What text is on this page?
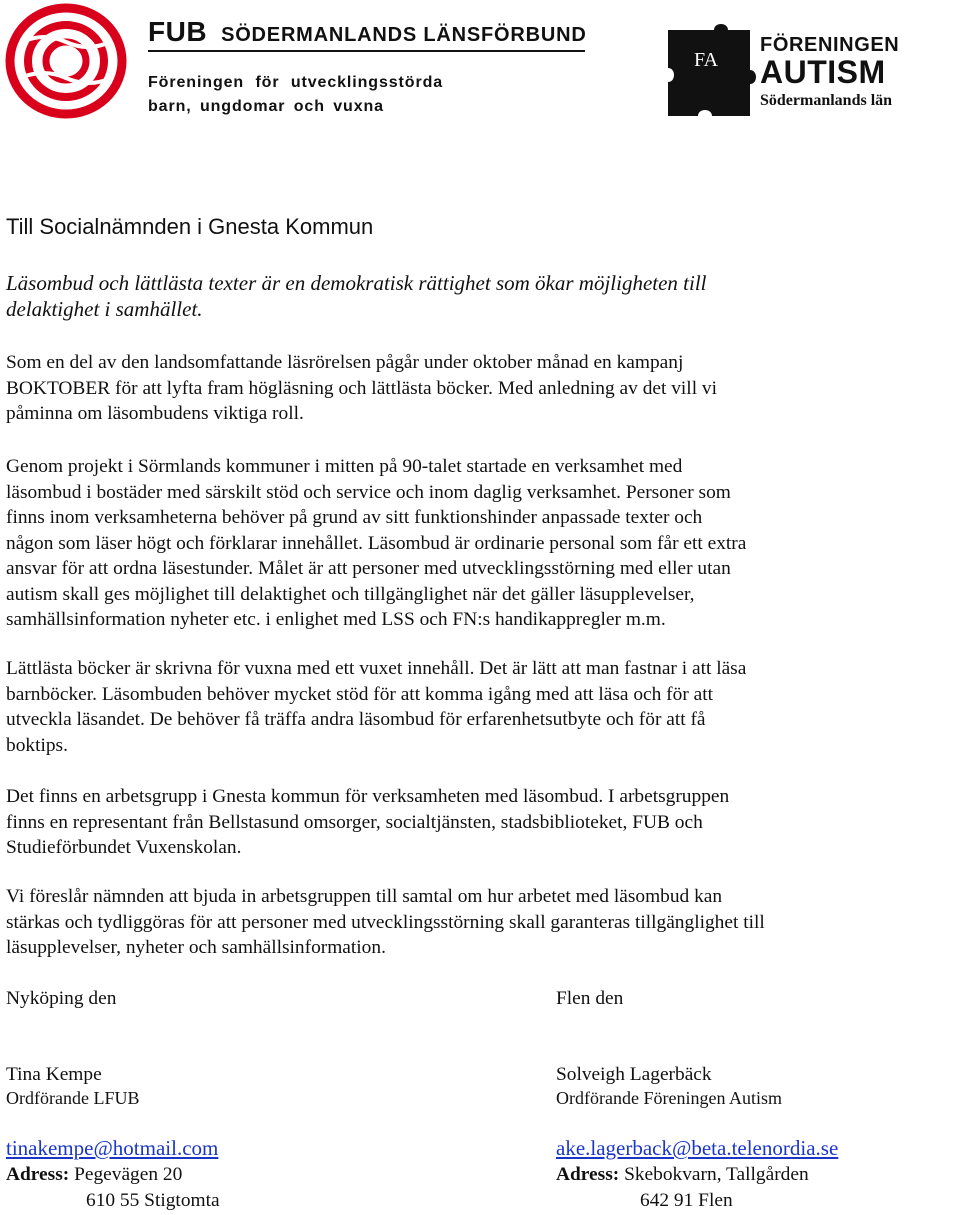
FUB SÖDERMANLANDS LÄNSFÖRBUND
Föreningen för utvecklingsstörda
barn, ungdomar och vuxna
FA
FÖRENINGEN
AUTISM
Södermanlands län
Till Socialnämnden i Gnesta Kommun
Läsombud och lättlästa texter är en demokratisk rättighet som ökar möjligheten till
delaktighet i samhället.
Som en del av den landsomfattande läsrörelsen pågår under oktober månad en kampanj
BOKTOBER för att lyfta fram högläsning och lättlästa böcker. Med anledning av det vill vi
påminna om läsombudens viktiga roll.
Genom projekt i Sörmlands kommuner i mitten på 90-talet startade en verksamhet med
läsombud i bostäder med särskilt stöd och service och inom daglig verksamhet. Personer som
finns inom verksamheterna behöver på grund av sitt funktionshinder anpassade texter och
någon som läser högt och förklarar innehållet. Läsombud är ordinarie personal som får ett extra
ansvar för att ordna läsestunder. Målet är att personer med utvecklingsstörning med eller utan
autism skall ges möjlighet till delaktighet och tillgänglighet när det gäller läsupplevelser,
samhällsinformation nyheter etc. i enlighet med LSS och FN:s handikappregler m.m.
Lättlästa böcker är skrivna för vuxna med ett vuxet innehåll. Det är lätt att man fastnar i att läsa
barnböcker. Läsombuden behöver mycket stöd för att komma igång med att läsa och för att
utveckla läsandet. De behöver få träffa andra läsombud för erfarenhetsutbyte och för att få
boktips.
Det finns en arbetsgrupp i Gnesta kommun för verksamheten med läsombud. I arbetsgruppen
finns en representant från Bellstasund omsorger, socialtjänsten, stadsbiblioteket, FUB och
Studieförbundet Vuxenskolan.
Vi föreslår nämnden att bjuda in arbetsgruppen till samtal om hur arbetet med läsombud kan
stärkas och tydliggöras för att personer med utvecklingsstörning skall garanteras tillgänglighet till
läsupplevelser, nyheter och samhällsinformation.
Nyköping den	Flen den
Tina Kempe	Solveigh Lagerbäck
Ordförande LFUB	Ordförande Föreningen Autism
tinakempe@hotmail.com	ake.lagerback@beta.telenordia.se
Adress: Pegevägen 20	Adress: Skebokvarn, Tallgården
610 55 Stigtomta	642 91 Flen
